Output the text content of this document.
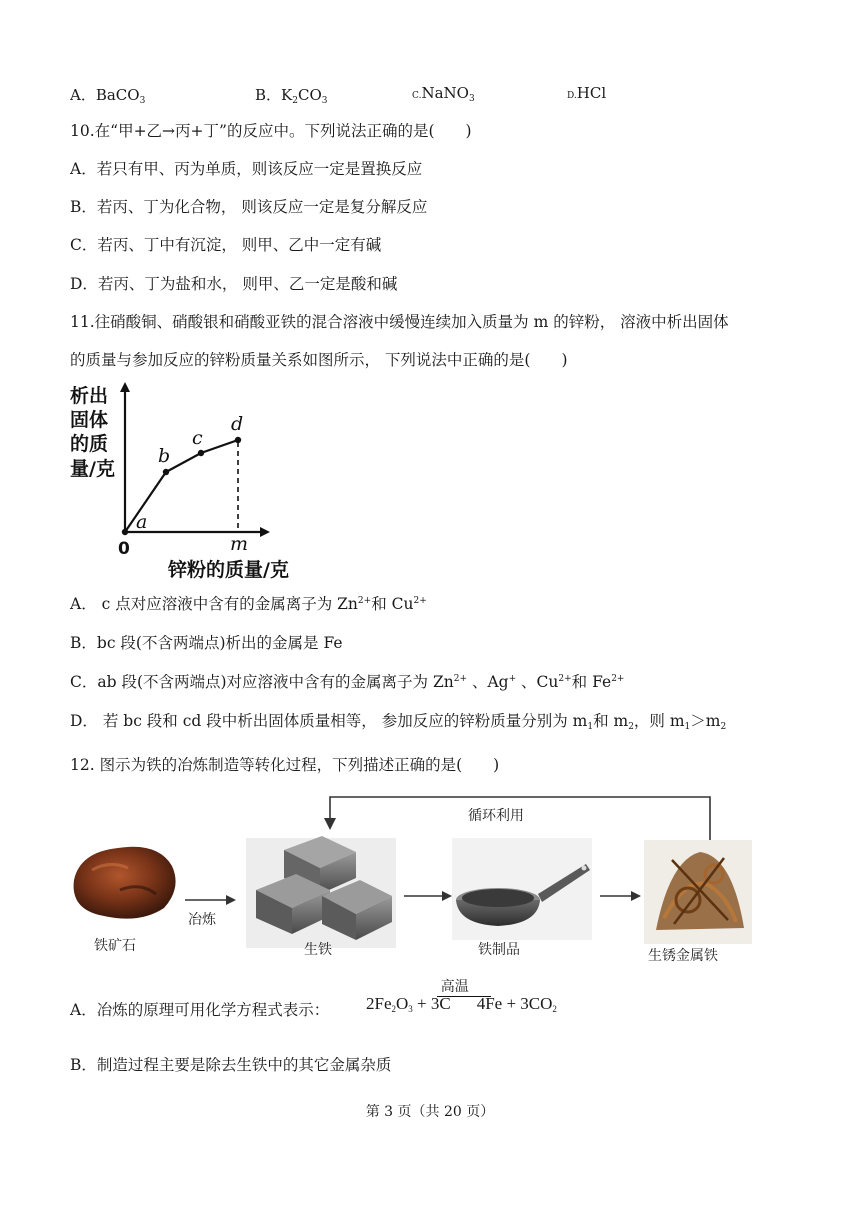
A．BaCO$_3$	B．$K_2CO_3$	C.NaNO$_3$	D.HCl
10.在“甲+乙→丙+丁”的反应中。下列说法正确的是(　　)
A．若只有甲、丙为单质，则该反应一定是置换反应
B．若丙、丁为化合物， 则该反应一定是复分解反应
C．若丙、丁中有沉淀， 则甲、乙中一定有碱
D．若丙、丁为盐和水， 则甲、乙一定是酸和碱
11.往硝酸铜、硝酸银和硝酸亚铁的混合溶液中缓慢连续加入质量为 m 的锌粉， 溶液中析出固体
的质量与参加反应的锌粉质量关系如图所示， 下列说法中正确的是(　　)
析出
固体
的质
量/克
a
b
c
d
0	m
锌粉的质量/克
A． c 点对应溶液中含有的金属离子为 $Zn^{2+}$和 $Cu^{2+}$
B．bc 段(不含两端点)析出的金属是 Fe
C．ab 段(不含两端点)对应溶液中含有的金属离子为 $Zn^{2+}$ 、Ag+ 、$Cu^{2+}$和 $Fe^{2+}$
D． 若 bc 段和 cd 段中析出固体质量相等， 参加反应的锌粉质量分别为 $m_1$和 $m_2$，则 $m_1>m_2$
12. 图示为铁的冶炼制造等转化过程，下列描述正确的是(　　)
循环利用
铁矿石
冶炼
生铁	铁制品	生锈金属铁
A．冶炼的原理可用化学方程式表示： $2Fe_2O_3 + 3C$
高温
$4Fe + 3CO_2$
B．制造过程主要是除去生铁中的其它金属杂质
第 3 页（共 20 页）
